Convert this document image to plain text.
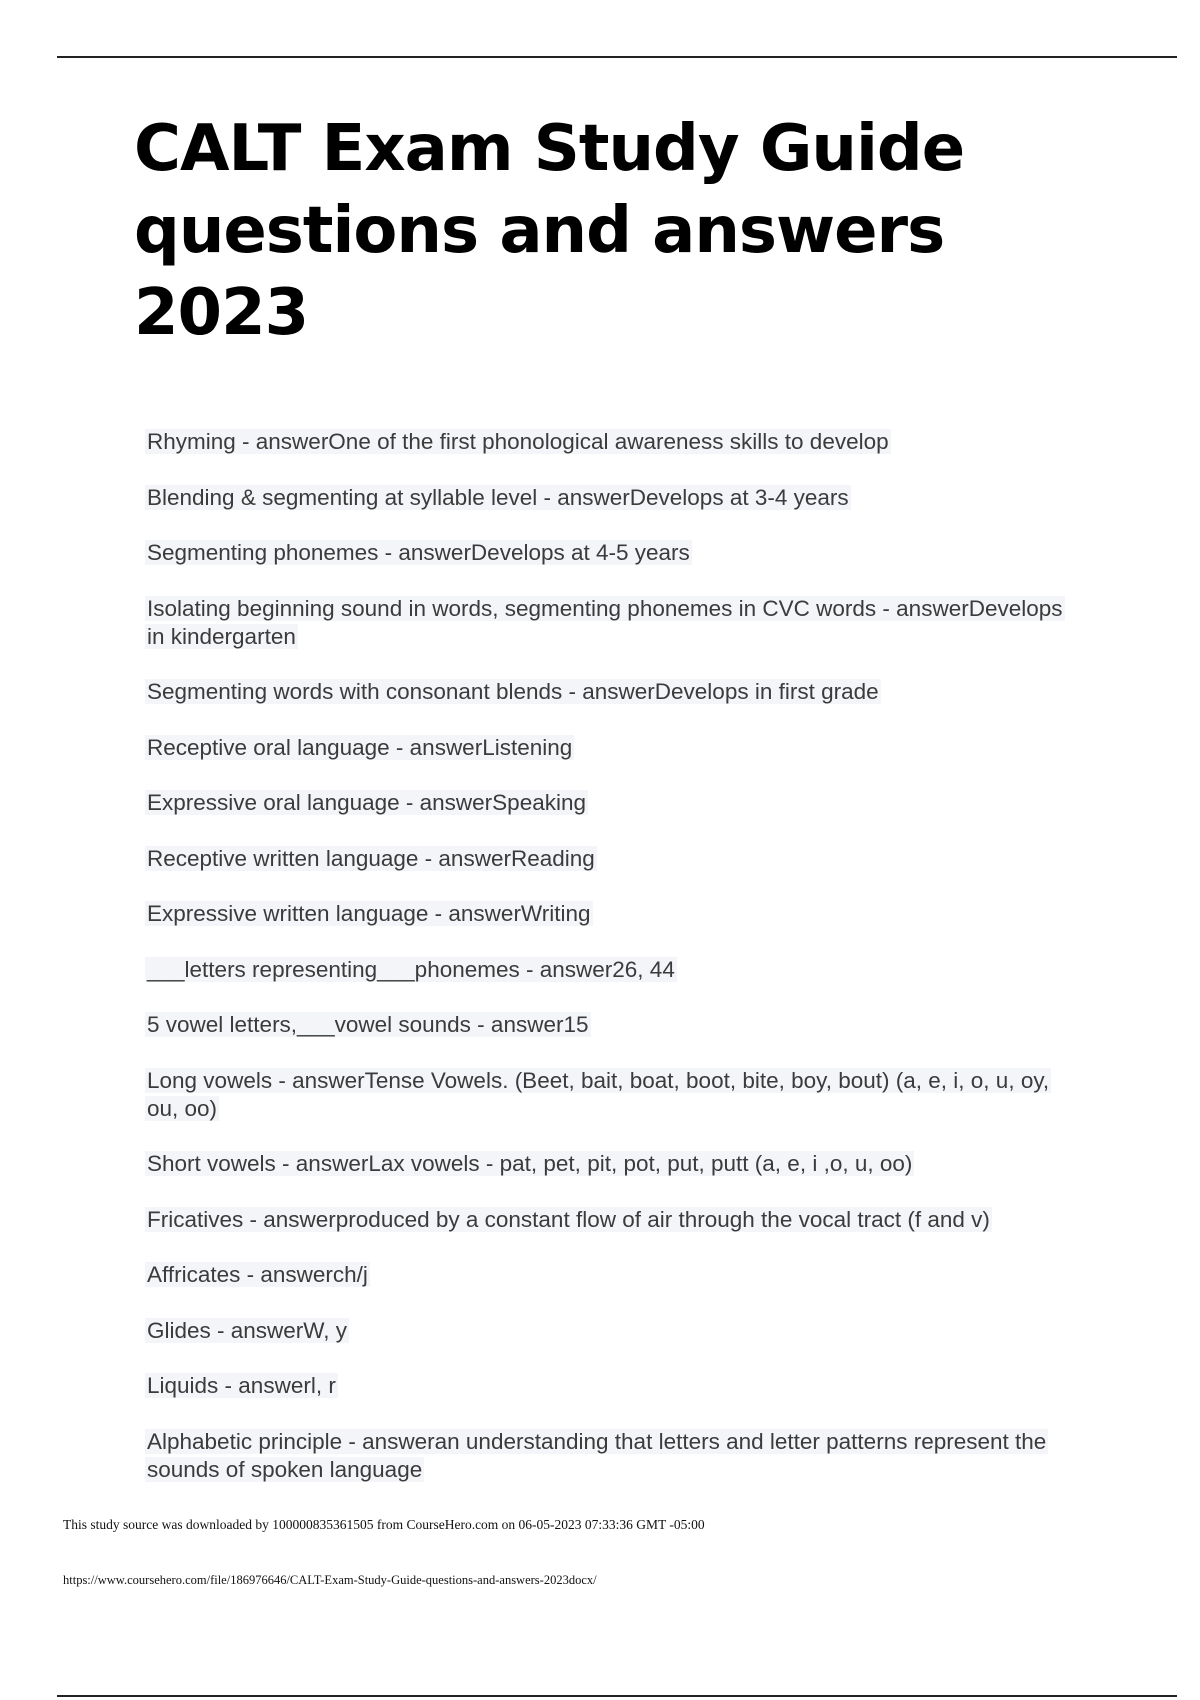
CALT Exam Study Guide
questions and answers 2023
Rhyming - answerOne of the first phonological awareness skills to develop
Blending & segmenting at syllable level - answerDevelops at 3-4 years
Segmenting phonemes - answerDevelops at 4-5 years
Isolating beginning sound in words, segmenting phonemes in CVC words - answerDevelops in kindergarten
Segmenting words with consonant blends - answerDevelops in first grade
Receptive oral language - answerListening
Expressive oral language - answerSpeaking
Receptive written language - answerReading
Expressive written language - answerWriting
___letters representing___phonemes - answer26, 44
5 vowel letters,___vowel sounds - answer15
Long vowels - answerTense Vowels. (Beet, bait, boat, boot, bite, boy, bout) (a, e, i, o, u, oy, ou, oo)
Short vowels - answerLax vowels - pat, pet, pit, pot, put, putt (a, e, i ,o, u, oo)
Fricatives - answerproduced by a constant flow of air through the vocal tract (f and v)
Affricates - answerch/j
Glides - answerW, y
Liquids - answerl, r
Alphabetic principle - answeran understanding that letters and letter patterns represent the sounds of spoken language
This study source was downloaded by 100000835361505 from CourseHero.com on 06-05-2023 07:33:36 GMT -05:00
https://www.coursehero.com/file/186976646/CALT-Exam-Study-Guide-questions-and-answers-2023docx/
